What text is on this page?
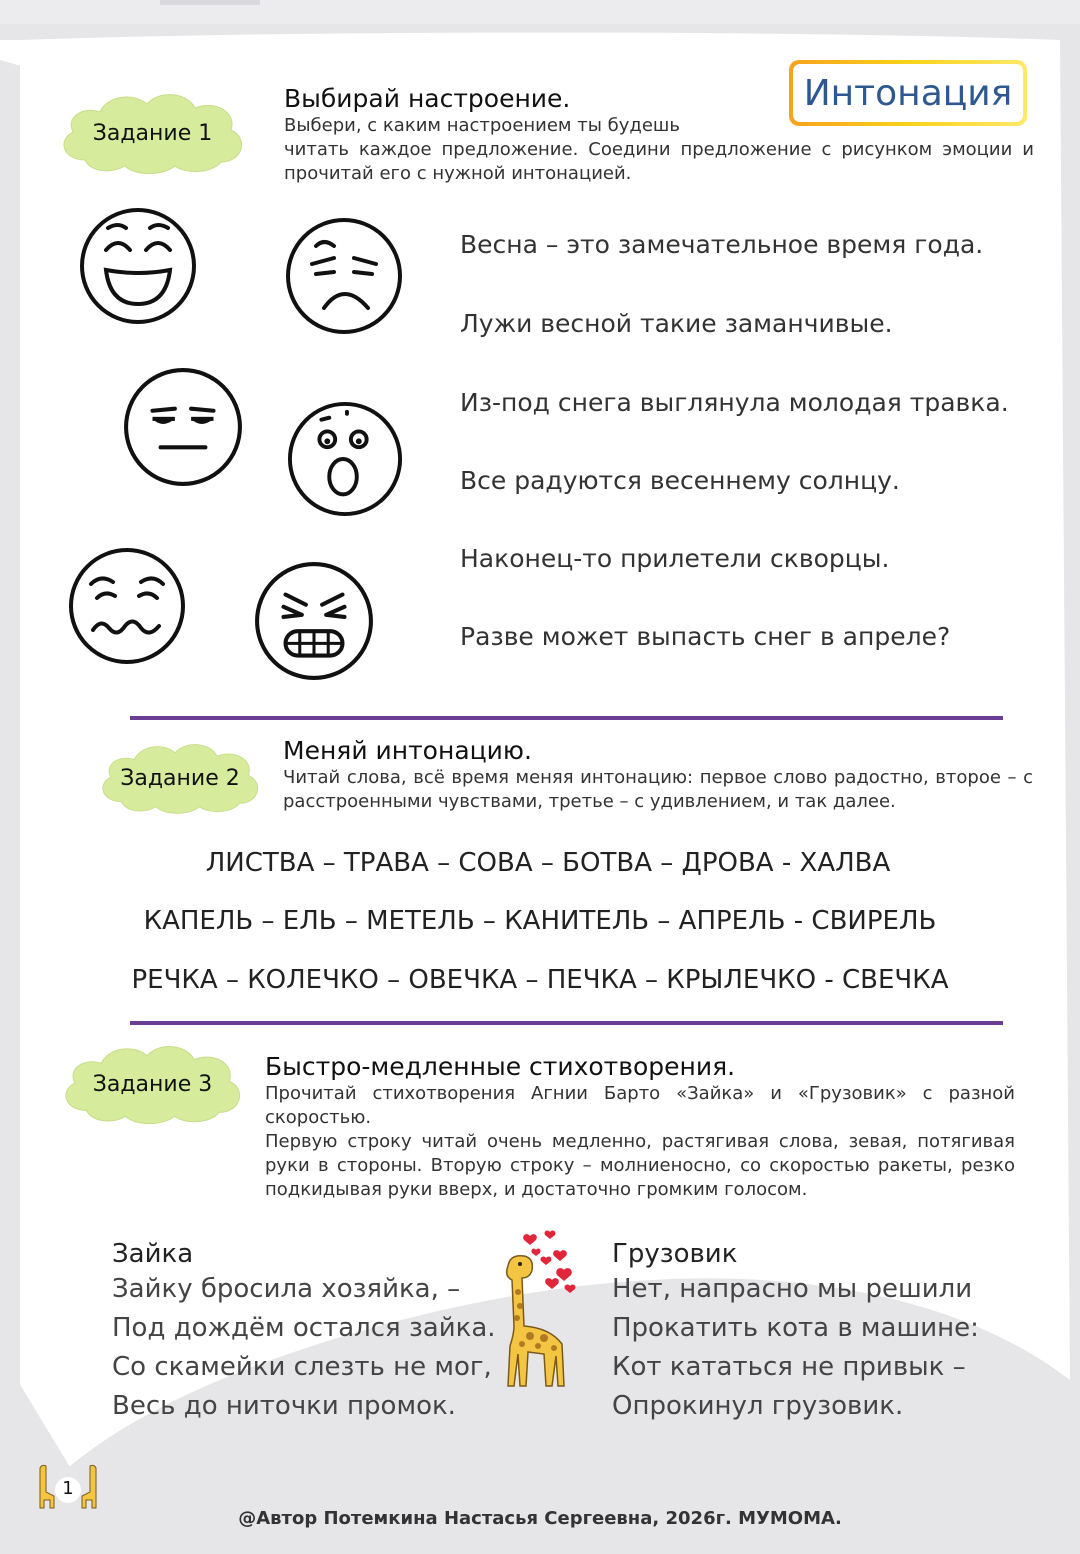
Интонация
Задание 1

Выбирай настроение.

Выбери, с каким настроением ты будешь

читать каждое предложение. Соедини предложение с рисунком эмоции и прочитай его с нужной интонацией.

Весна – это замечательное время года.
Лужи весной такие заманчивые.
Из-под снега выглянула молодая травка.
Все радуются весеннему солнцу.
Наконец-то прилетели скворцы.
Разве может выпасть снег в апреле?
Задание 2

Меняй интонацию.

Читай слова, всё время меняя интонацию: первое слово радостно, второе – с расстроенными чувствами, третье – с удивлением, и так далее.

ЛИСТВА – ТРАВА – СОВА – БОТВА – ДРОВА - ХАЛВА
КАПЕЛЬ – ЕЛЬ – МЕТЕЛЬ – КАНИТЕЛЬ – АПРЕЛЬ - СВИРЕЛЬ
РЕЧКА – КОЛЕЧКО – ОВЕЧКА – ПЕЧКА – КРЫЛЕЧКО - СВЕЧКА
Задание 3

Быстро-медленные стихотворения.

Прочитай стихотворения Агнии Барто «Зайка» и «Грузовик» с разной скоростью.

Первую строку читай очень медленно, растягивая слова, зевая, потягивая руки в стороны. Вторую строку – молниеносно, со скоростью ракеты, резко подкидывая руки вверх, и достаточно громким голосом.

Зайка

Зайку бросила хозяйка, –
Под дождём остался зайка.
Со скамейки слезть не мог,
Весь до ниточки промок.

Грузовик

Нет, напрасно мы решили
Прокатить кота в машине:
Кот кататься не привык –
Опрокинул грузовик.
1
@Автор Потемкина Настасья Сергеевна, 2026г. МУМОМА.
